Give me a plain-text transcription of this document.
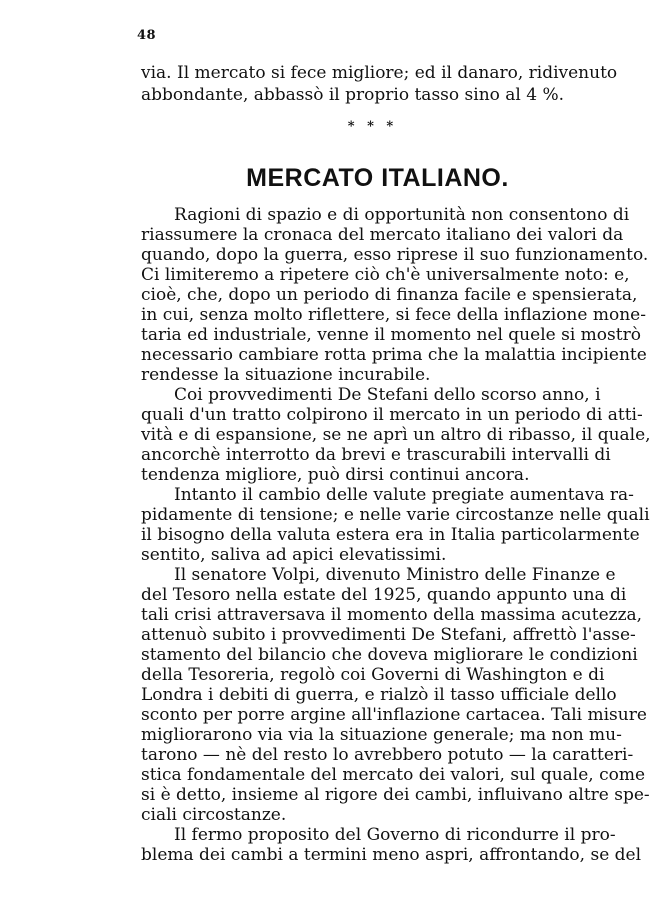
48
via. Il mercato si fece migliore; ed il danaro, ridivenuto
abbondante, abbassò il proprio tasso sino al 4 %.
* * *
MERCATO ITALIANO.
Ragioni di spazio e di opportunità non consentono di
riassumere la cronaca del mercato italiano dei valori da
quando, dopo la guerra, esso riprese il suo funzionamento.
Ci limiteremo a ripetere ciò ch'è universalmente noto: e,
cioè, che, dopo un periodo di finanza facile e spensierata,
in cui, senza molto riflettere, si fece della inflazione mone-
taria ed industriale, venne il momento nel quele si mostrò
necessario cambiare rotta prima che la malattia incipiente
rendesse la situazione incurabile.
Coi provvedimenti De Stefani dello scorso anno, i
quali d'un tratto colpirono il mercato in un periodo di atti-
vità e di espansione, se ne aprì un altro di ribasso, il quale,
ancorchè interrotto da brevi e trascurabili intervalli di
tendenza migliore, può dirsi continui ancora.
Intanto il cambio delle valute pregiate aumentava ra-
pidamente di tensione; e nelle varie circostanze nelle quali
il bisogno della valuta estera era in Italia particolarmente
sentito, saliva ad apici elevatissimi.
Il senatore Volpi, divenuto Ministro delle Finanze e
del Tesoro nella estate del 1925, quando appunto una di
tali crisi attraversava il momento della massima acutezza,
attenuò subito i provvedimenti De Stefani, affrettò l'asse-
stamento del bilancio che doveva migliorare le condizioni
della Tesoreria, regolò coi Governi di Washington e di
Londra i debiti di guerra, e rialzò il tasso ufficiale dello
sconto per porre argine all'inflazione cartacea. Tali misure
migliorarono via via la situazione generale; ma non mu-
tarono — nè del resto lo avrebbero potuto — la caratteri-
stica fondamentale del mercato dei valori, sul quale, come
si è detto, insieme al rigore dei cambi, influivano altre spe-
ciali circostanze.
Il fermo proposito del Governo di ricondurre il pro-
blema dei cambi a termini meno aspri, affrontando, se del
